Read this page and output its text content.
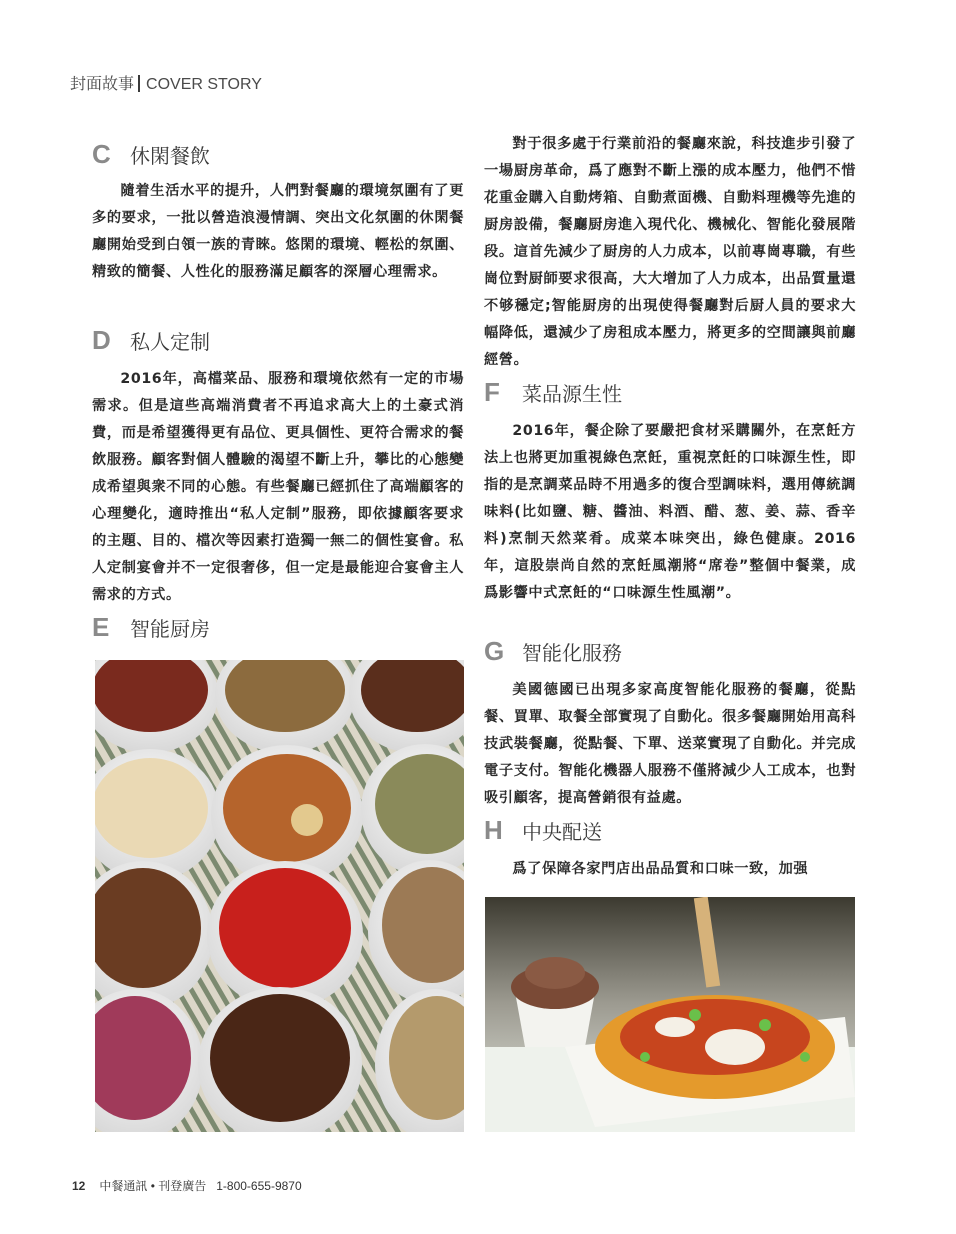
封面故事 COVER STORY
C 休閑餐飲
隨着生活水平的提升，人們對餐廳的環境氛圍有了更多的要求，一批以營造浪漫情調、突出文化氛圍的休閑餐廳開始受到白領一族的青睞。悠閑的環境、輕松的氛圍、精致的簡餐、人性化的服務滿足顧客的深層心理需求。
D 私人定制
2016年，高檔菜品、服務和環境依然有一定的市場需求。但是這些高端消費者不再追求高大上的土豪式消費，而是希望獲得更有品位、更具個性、更符合需求的餐飲服務。顧客對個人體驗的渴望不斷上升，攀比的心態變成希望與衆不同的心態。有些餐廳已經抓住了高端顧客的心理變化，適時推出“私人定制”服務，即依據顧客要求的主題、目的、檔次等因素打造獨一無二的個性宴會。私人定制宴會并不一定很奢侈，但一定是最能迎合宴會主人需求的方式。
E	智能厨房
對于很多處于行業前沿的餐廳來說，科技進步引發了一場厨房革命，爲了應對不斷上漲的成本壓力，他們不惜花重金購入自動烤箱、自動煮面機、自動料理機等先進的厨房設備，餐廳厨房進入現代化、機械化、智能化發展階段。這首先減少了厨房的人力成本，以前專崗專職，有些崗位對厨師要求很高，大大增加了人力成本，出品質量還不够穩定;智能厨房的出現使得餐廳對后厨人員的要求大幅降低，還減少了房租成本壓力，將更多的空間讓與前廳經營。
F	菜品源生性
2016年，餐企除了要嚴把食材采購關外，在烹飪方法上也將更加重視綠色烹飪，重視烹飪的口味源生性，即指的是烹調菜品時不用過多的復合型調味料，選用傳統調味料(比如鹽、糖、醬油、料酒、醋、葱、姜、蒜、香辛料)烹制天然菜肴。成菜本味突出，綠色健康。2016年，這股崇尚自然的烹飪風潮將“席卷”整個中餐業，成爲影響中式烹飪的“口味源生性風潮”。
G 智能化服務
美國德國已出現多家高度智能化服務的餐廳，從點餐、買單、取餐全部實現了自動化。很多餐廳開始用高科技武裝餐廳，從點餐、下單、送菜實現了自動化。并完成電子支付。智能化機器人服務不僅將減少人工成本，也對吸引顧客，提高營銷很有益處。
H 中央配送
爲了保障各家門店出品品質和口味一致，加强
12 中餐通訊 • 刊登廣告 1-800-655-9870
